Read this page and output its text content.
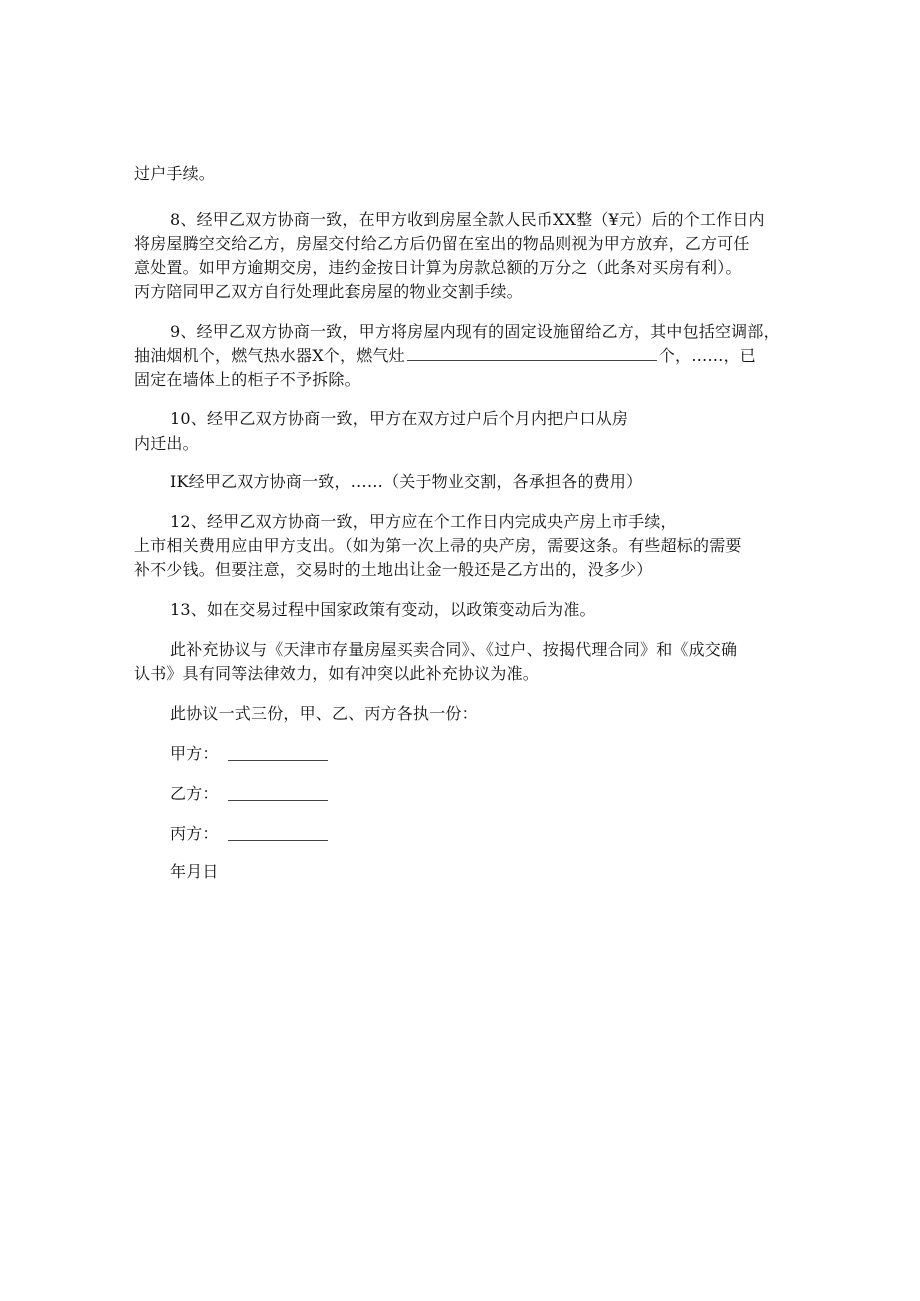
过户手续。
8、经甲乙双方协商一致，在甲方收到房屋全款人民币XX整（¥元）后的个工作日内
将房屋腾空交给乙方，房屋交付给乙方后仍留在室出的物品则视为甲方放弃，乙方可任
意处置。如甲方逾期交房，违约金按日计算为房款总额的万分之（此条对买房有利）。
丙方陪同甲乙双方自行处理此套房屋的物业交割手续。
9、经甲乙双方协商一致，甲方将房屋内现有的固定设施留给乙方，其中包括空调部，
抽油烟机个，燃气热水器X个，燃气灶	个，……，已
固定在墙体上的柜子不予拆除。
10、经甲乙双方协商一致，甲方在双方过户后个月内把户口从房
内迁出。
IK经甲乙双方协商一致，……（关于物业交割，各承担各的费用）
12、经甲乙双方协商一致，甲方应在个工作日内完成央产房上市手续，
上市相关费用应由甲方支出。（如为第一次上帚的央产房，需要这条。有些超标的需要
补不少钱。但要注意，交易时的土地出让金一般还是乙方出的，没多少）
13、如在交易过程中国家政策有变动，以政策变动后为准。
此补充协议与《天津市存量房屋买卖合同》、《过户、按揭代理合同》和《成交确
认书》具有同等法律效力，如有冲突以此补充协议为准。
此协议一式三份，甲、乙、丙方各执一份：
甲方：
乙方：
丙方：
年月日
